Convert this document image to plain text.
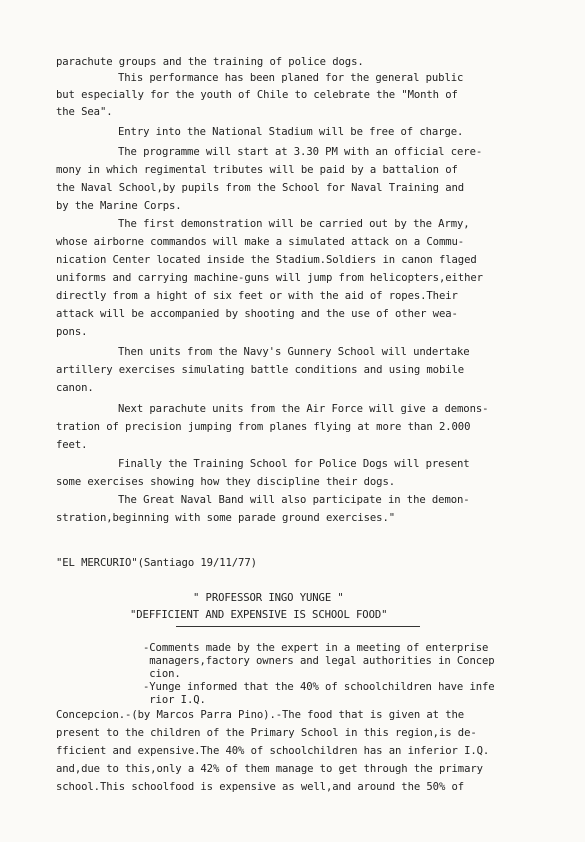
parachute groups and the training of police dogs.
This performance has been planed for the general public
but especially for the youth of Chile to celebrate the "Month of
the Sea".
Entry into the National Stadium will be free of charge.
The programme will start at 3.30 PM with an official cere-
mony in which regimental tributes will be paid by a battalion of
the Naval School,by pupils from the School for Naval Training and
by the Marine Corps.
The first demonstration will be carried out by the Army,
whose airborne commandos will make a simulated attack on a Commu-
nication Center located inside the Stadium.Soldiers in canon flaged
uniforms and carrying machine-guns will jump from helicopters,either
directly from a hight of six feet or with the aid of ropes.Their
attack will be accompanied by shooting and the use of other wea-
pons.
Then units from the Navy's Gunnery School will undertake
artillery exercises simulating battle conditions and using mobile
canon.
Next parachute units from the Air Force will give a demons-
tration of precision jumping from planes flying at more than 2.000
feet.
Finally the Training School for Police Dogs will present
some exercises showing how they discipline their dogs.
The Great Naval Band will also participate in the demon-
stration,beginning with some parade ground exercises."
"EL MERCURIO"(Santiago 19/11/77)
" PROFESSOR INGO YUNGE "
"DEFFICIENT AND EXPENSIVE IS SCHOOL FOOD"
-Comments made by the expert in a meeting of enterprise
managers,factory owners and legal authorities in Conсep
cion.
-Yunge informed that the 40% of schoolchildren have infe
rior I.Q.
Concepcion.-(by Marcos Parra Pino).-The food that is given at the
present to the children of the Primary School in this region,is de-
fficient and expensive.The 40% of schoolchildren has an inferior I.Q.
and,due to this,only a 42% of them manage to get through the primary
school.This schoolfood is expensive as well,and around the 50% of
